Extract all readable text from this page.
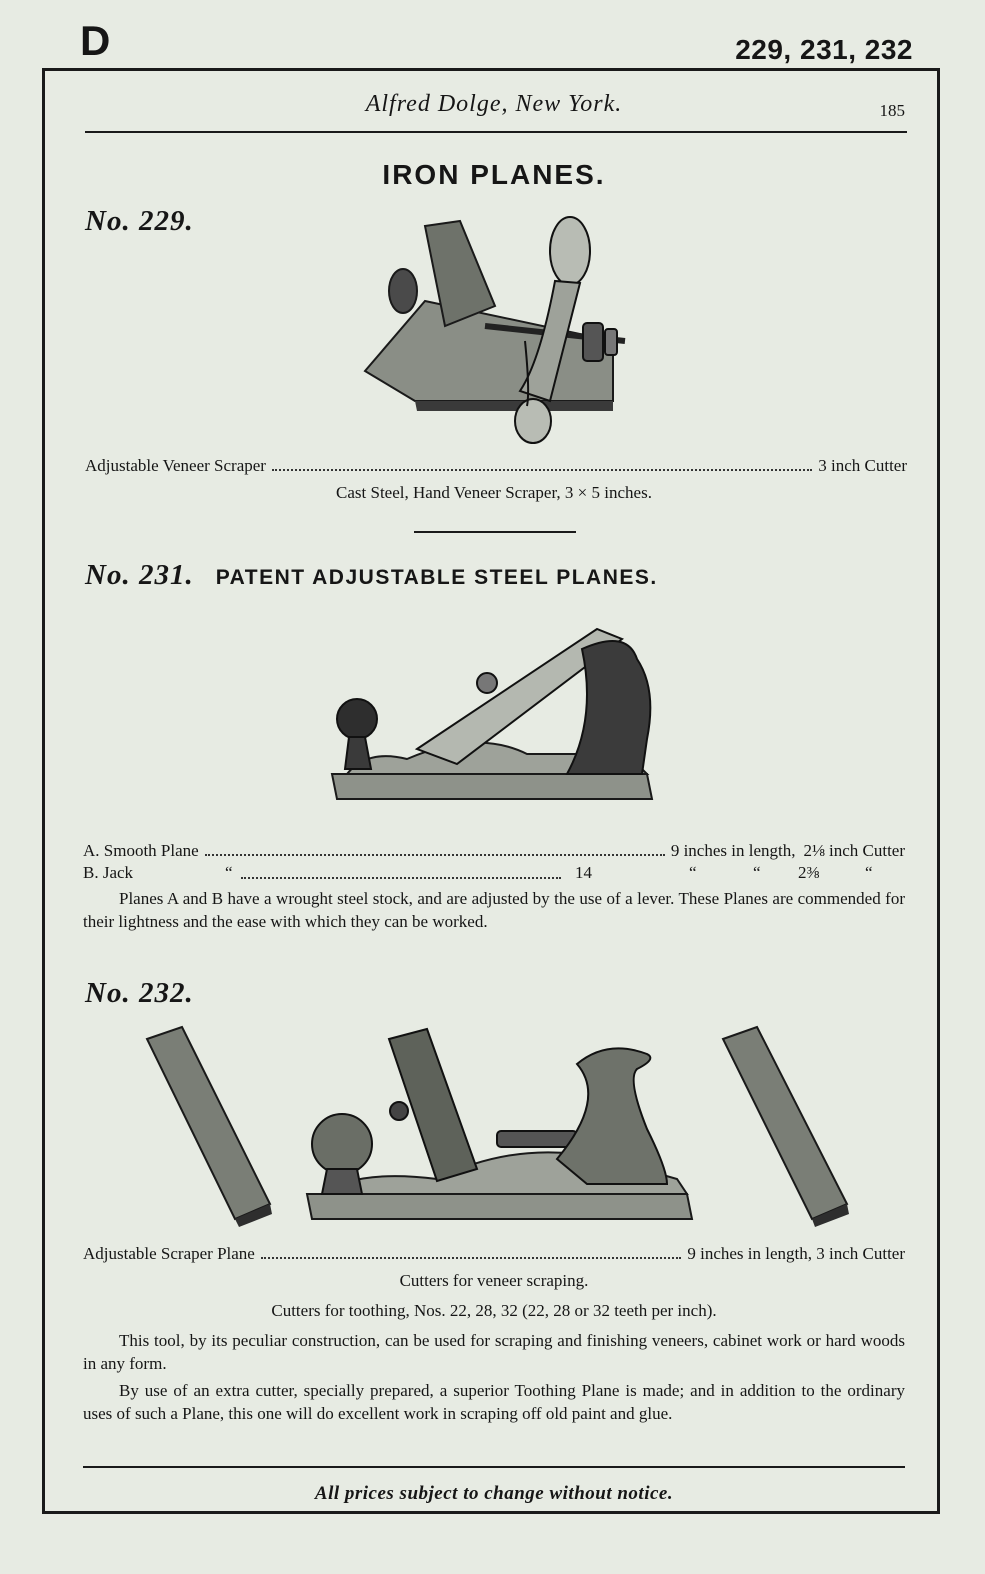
D	229, 231, 232
Alfred Dolge, New York.	185
IRON PLANES.
No. 229.
Adjustable Veneer Scraper	3 inch Cutter
Cast Steel, Hand Veneer Scraper, 3 × 5 inches.
No. 231. PATENT ADJUSTABLE STEEL PLANES.
A. Smooth Plane	9 inches in length, 2⅛ inch Cutter
B. Jack	“	14	“	“ 2⅜	“
Planes A and B have a wrought steel stock, and are adjusted by the use of a lever. These Planes are commended for their lightness and the ease with which they can be worked.
No. 232.
Adjustable Scraper Plane	9 inches in length, 3 inch Cutter
Cutters for veneer scraping.
Cutters for toothing, Nos. 22, 28, 32 (22, 28 or 32 teeth per inch).
This tool, by its peculiar construction, can be used for scraping and finishing veneers, cabinet work or hard woods in any form.
By use of an extra cutter, specially prepared, a superior Toothing Plane is made; and in addition to the ordinary uses of such a Plane, this one will do excellent work in scraping off old paint and glue.
All prices subject to change without notice.
